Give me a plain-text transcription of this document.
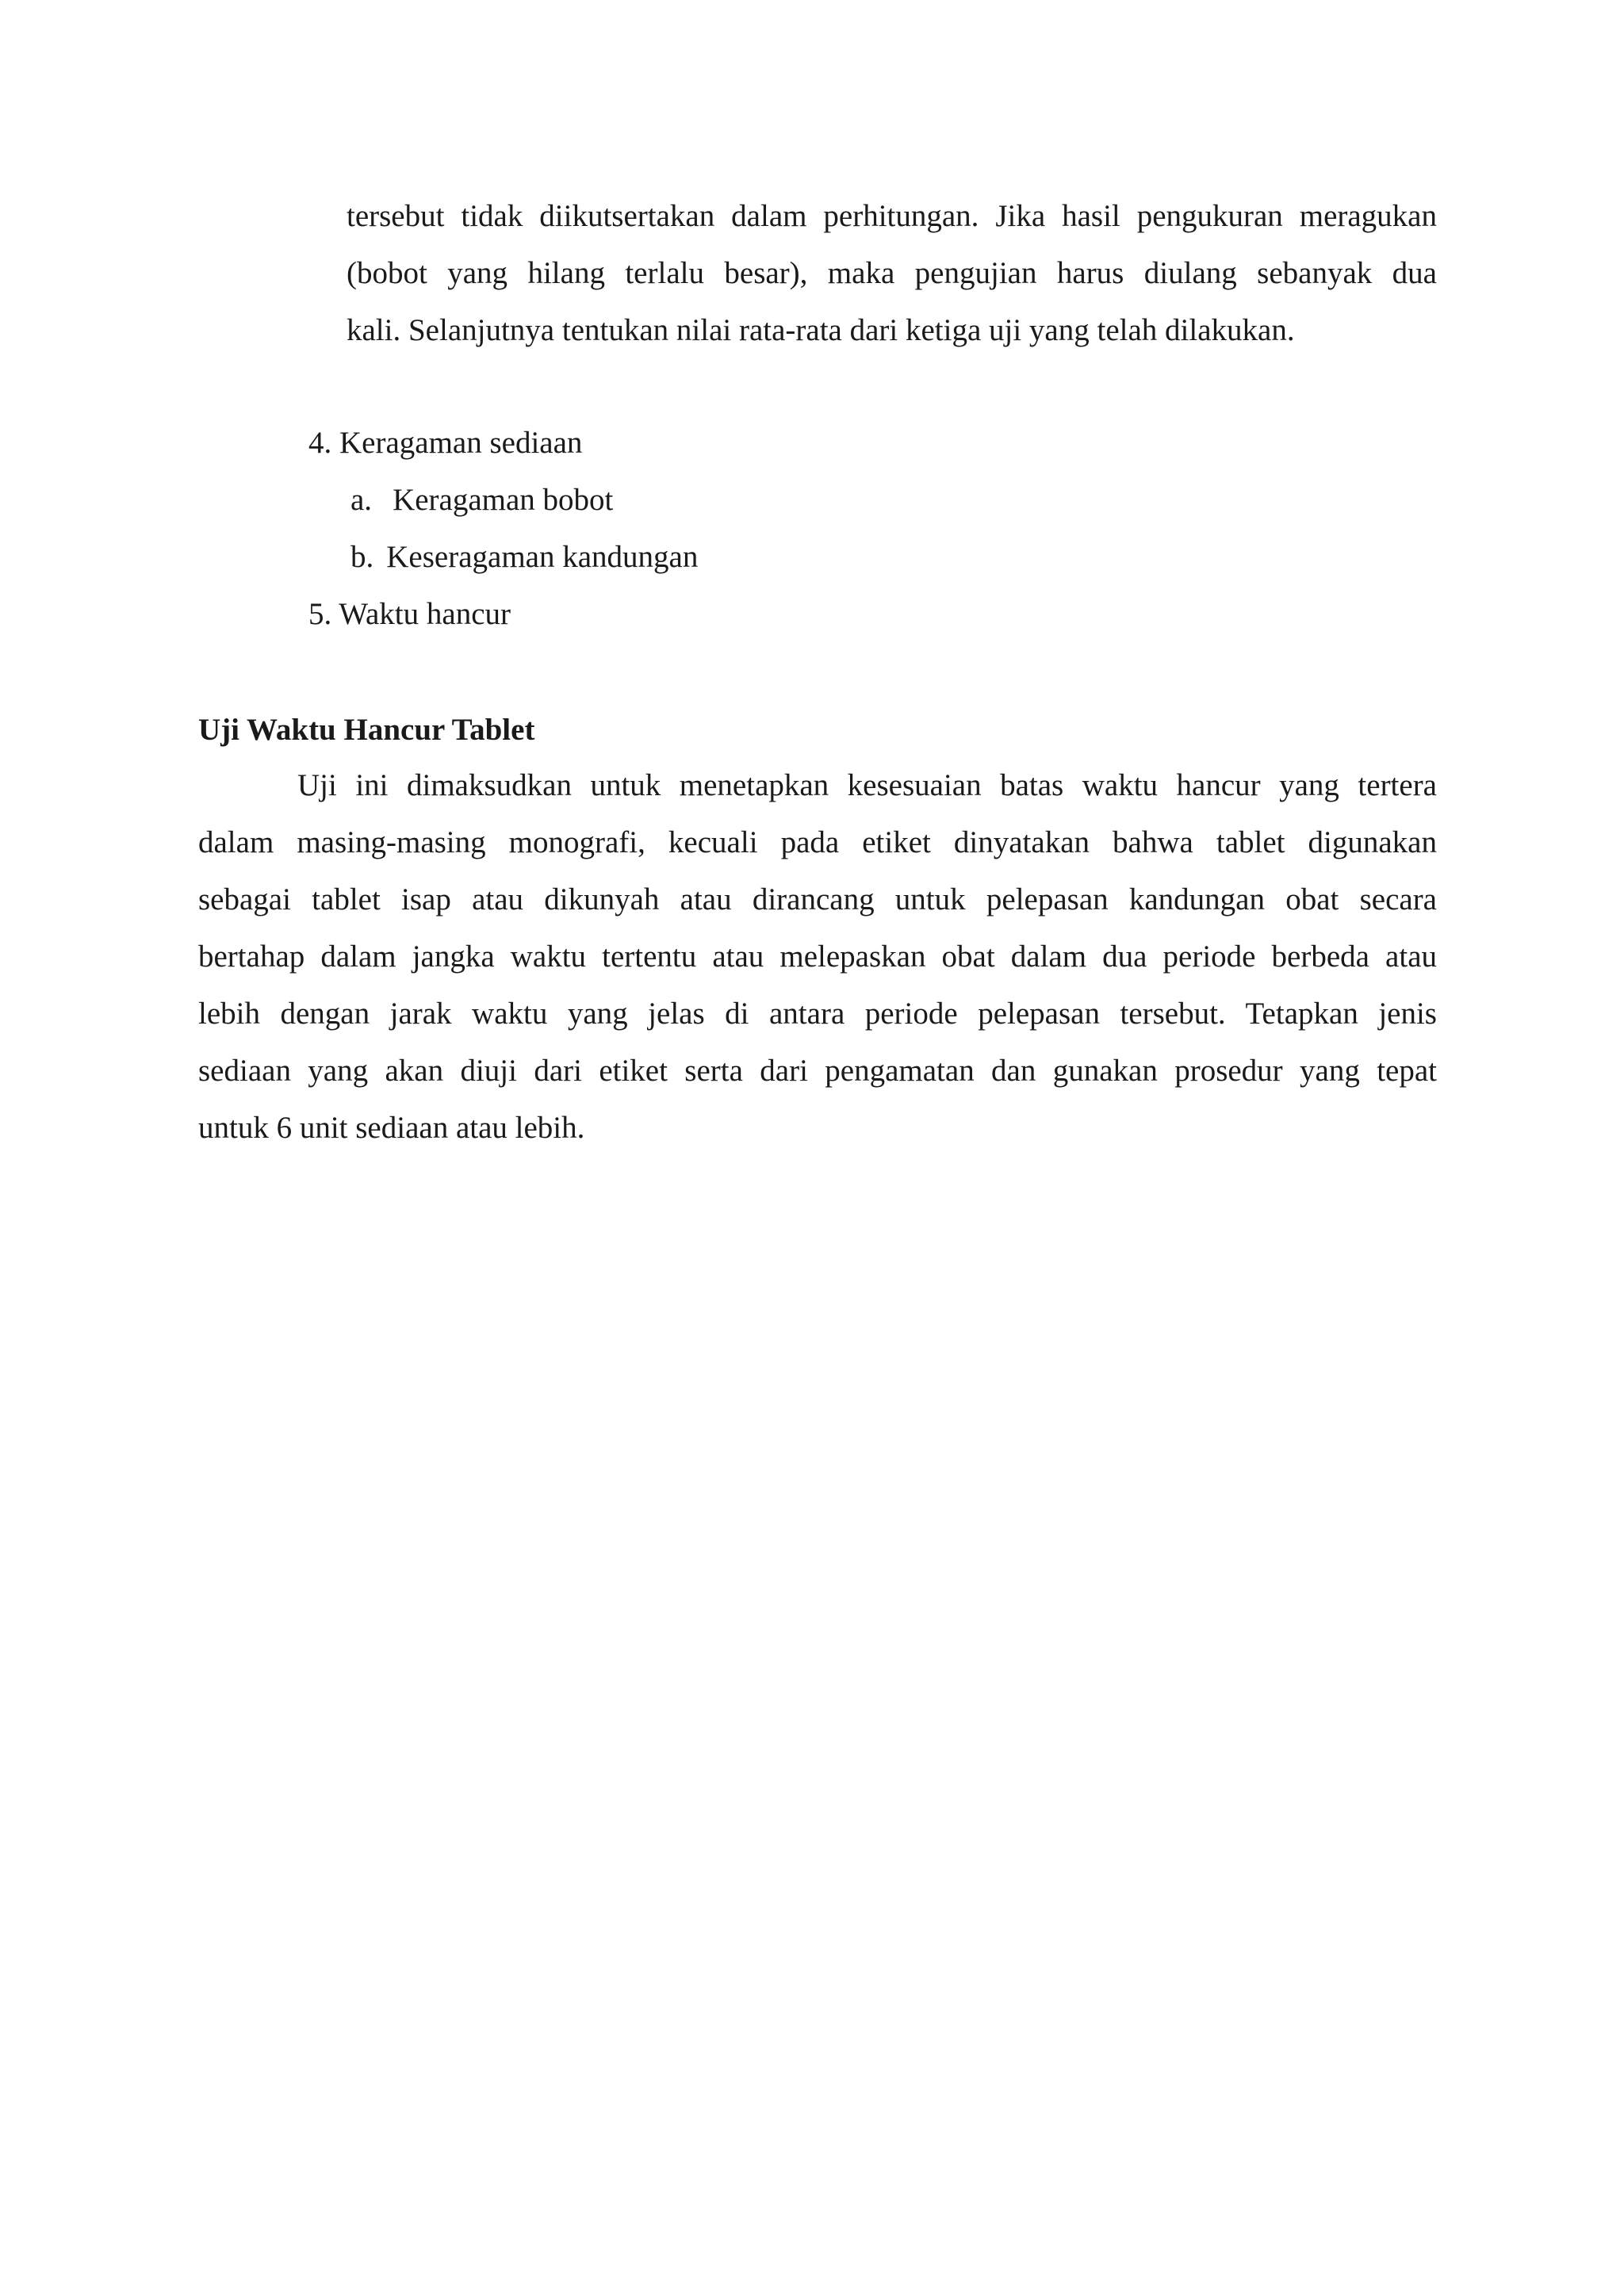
tersebut tidak diikutsertakan dalam perhitungan. Jika hasil pengukuran meragukan
(bobot yang hilang terlalu besar), maka pengujian harus diulang sebanyak dua
kali. Selanjutnya tentukan nilai rata-rata dari ketiga uji yang telah dilakukan.
4. Keragaman sediaan
a. Keragaman bobot
b. Keseragaman kandungan
5. Waktu hancur
Uji Waktu Hancur Tablet
Uji ini dimaksudkan untuk menetapkan kesesuaian batas waktu hancur yang tertera
dalam masing-masing monografi, kecuali pada etiket dinyatakan bahwa tablet digunakan
sebagai tablet isap atau dikunyah atau dirancang untuk pelepasan kandungan obat secara
bertahap dalam jangka waktu tertentu atau melepaskan obat dalam dua periode berbeda atau
lebih dengan jarak waktu yang jelas di antara periode pelepasan tersebut. Tetapkan jenis
sediaan yang akan diuji dari etiket serta dari pengamatan dan gunakan prosedur yang tepat
untuk 6 unit sediaan atau lebih.
